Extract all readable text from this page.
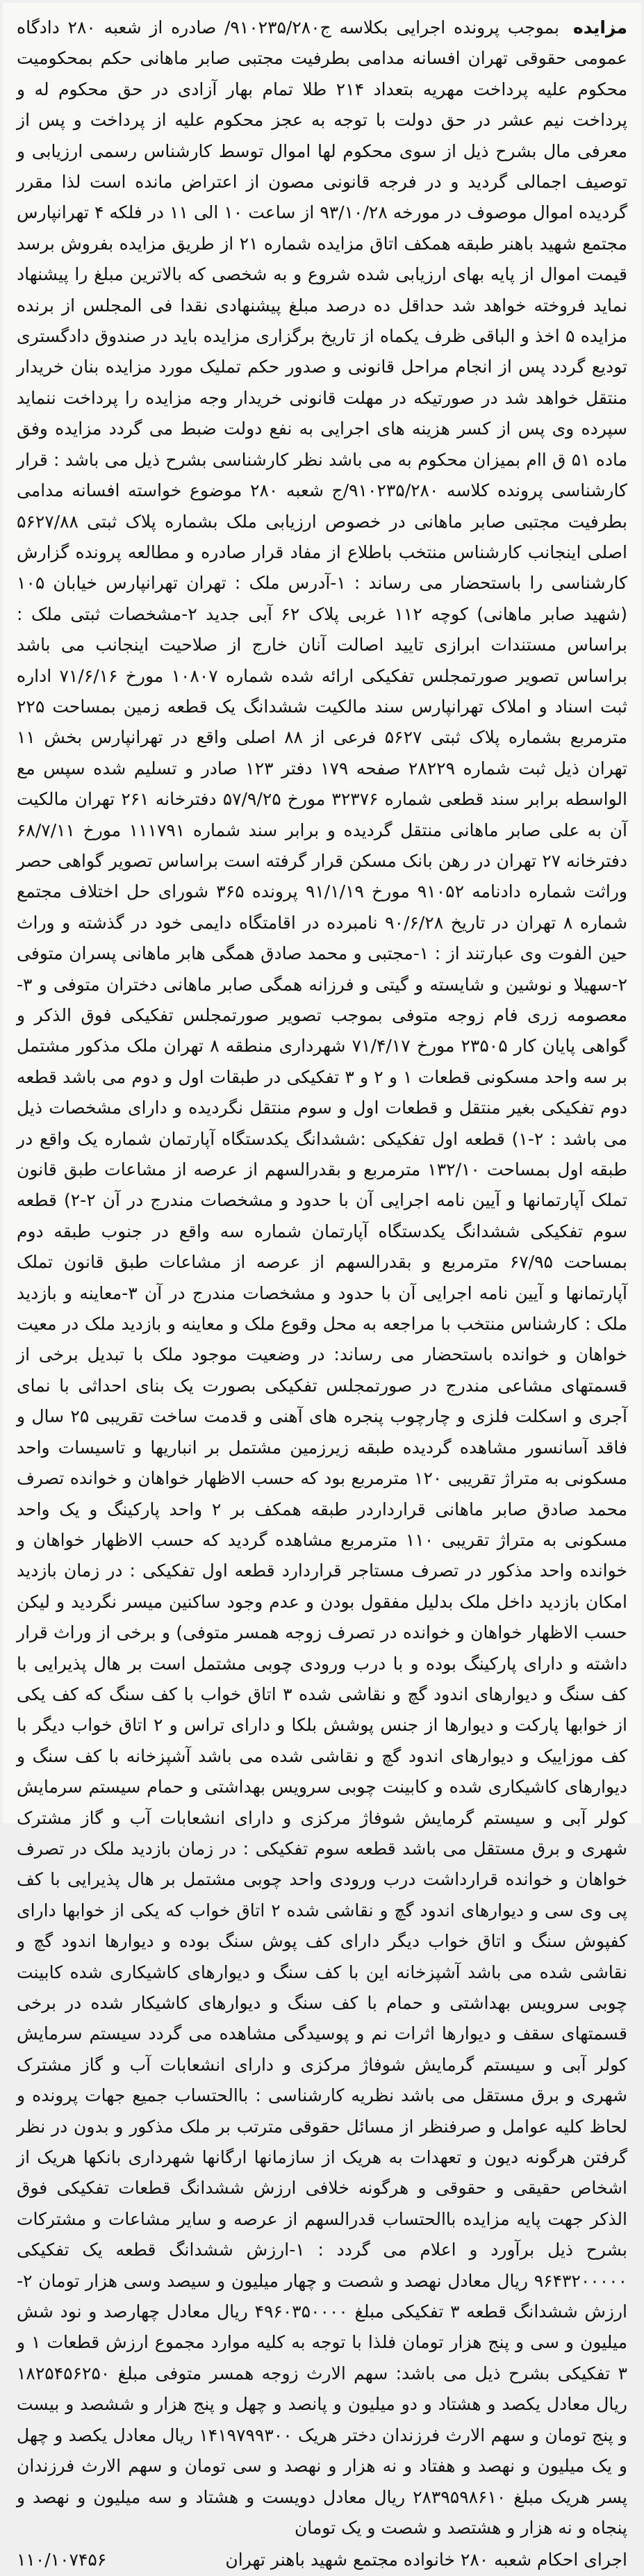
مزایده بموجب پرونده اجرایی بکلاسه ج۹۱۰۲۳۵/۲۸۰/ صادره از شعبه ۲۸۰ دادگاه عمومی حقوقی تهران افسانه مدامی بطرفیت مجتبی صابر ماهانی حکم بمحکومیت محکوم علیه پرداخت مهریه بتعداد ۲۱۴ طلا تمام بهار آزادی در حق محکوم له و پرداخت نیم عشر در حق دولت با توجه به عجز محکوم علیه از پرداخت و پس از معرفی مال بشرح ذیل از سوی محکوم لها اموال توسط کارشناس رسمی ارزیابی و توصیف اجمالی گردید و در فرجه قانونی مصون از اعتراض مانده است لذا مقرر گردیده اموال موصوف در مورخه ۹۳/۱۰/۲۸ از ساعت ۱۰ الی ۱۱ در فلکه ۴ تهرانپارس مجتمع شهید باهنر طبقه همکف اتاق مزایده شماره ۲۱ از طریق مزایده بفروش برسد قیمت اموال از پایه بهای ارزیابی شده شروع و به شخصی که بالاترین مبلغ را پیشنهاد نماید فروخته خواهد شد حداقل ده درصد مبلغ پیشنهادی نقدا فی المجلس از برنده مزایده ۵ اخذ و الباقی ظرف یکماه از تاریخ برگزاری مزایده باید در صندوق دادگستری تودیع گردد پس از انجام مراحل قانونی و صدور حکم تملیک مورد مزایده بنان خریدار منتقل خواهد شد در صورتیکه در مهلت قانونی خریدار وجه مزایده را پرداخت ننماید سپرده وی پس از کسر هزینه های اجرایی به نفع دولت ضبط می گردد مزایده وفق ماده ۵۱ ق اام بمیزان محکوم به می باشد نظر کارشناسی بشرح ذیل می باشد : قرار کارشناسی پرونده کلاسه ۹۱۰۲۳۵/۲۸۰/ج شعبه ۲۸۰ موضوع خواسته افسانه مدامی بطرفیت مجتبی صابر ماهانی در خصوص ارزیابی ملک بشماره پلاک ثبتی ۵۶۲۷/۸۸ اصلی اینجانب کارشناس منتخب باطلاع از مفاد قرار صادره و مطالعه پرونده گزارش کارشناسی را باستحضار می رساند : ۱-آدرس ملک : تهران تهرانپارس خیابان ۱۰۵ (شهید صابر ماهانی) کوچه ۱۱۲ غربی پلاک ۶۲ آبی جدید ۲-مشخصات ثبتی ملک : براساس مستندات ابرازی تایید اصالت آنان خارج از صلاحیت اینجانب می باشد براساس تصویر صورتمجلس تفکیکی ارائه شده شماره ۱۰۸۰۷ مورخ ۷۱/۶/۱۶ اداره ثبت اسناد و املاک تهرانپارس سند مالکیت ششدانگ یک قطعه زمین بمساحت ۲۲۵ مترمربع بشماره پلاک ثبتی ۵۶۲۷ فرعی از ۸۸ اصلی واقع در تهرانپارس بخش ۱۱ تهران ذیل ثبت شماره ۲۸۲۲۹ صفحه ۱۷۹ دفتر ۱۲۳ صادر و تسلیم شده سپس مع الواسطه برابر سند قطعی شماره ۳۲۳۷۶ مورخ ۵۷/۹/۲۵ دفترخانه ۲۶۱ تهران مالکیت آن به علی صابر ماهانی منتقل گردیده و برابر سند شماره ۱۱۱۷۹۱ مورخ ۶۸/۷/۱۱ دفترخانه ۲۷ تهران در رهن بانک مسکن قرار گرفته است براساس تصویر گواهی حصر وراثت شماره دادنامه ۹۱۰۵۲ مورخ ۹۱/۱/۱۹ پرونده ۳۶۵ شورای حل اختلاف مجتمع شماره ۸ تهران در تاریخ ۹۰/۶/۲۸ نامبرده در اقامتگاه دایمی خود در گذشته و وراث حین الفوت وی عبارتند از : ۱-مجتبی و محمد صادق همگی هابر ماهانی پسران متوفی ۲-سهیلا و نوشین و شایسته و گیتی و فرزانه همگی صابر ماهانی دختران متوفی و ۳-معصومه زری فام زوجه متوفی بموجب تصویر صورتمجلس تفکیکی فوق الذکر و گواهی پایان کار ۲۳۵۰۵ مورخ ۷۱/۴/۱۷ شهرداری منطقه ۸ تهران ملک مذکور مشتمل بر سه واحد مسکونی قطعات ۱ و ۲ و ۳ تفکیکی در طبقات اول و دوم می باشد قطعه دوم تفکیکی بغیر منتقل و قطعات اول و سوم منتقل نگردیده و دارای مشخصات ذیل می باشد : ۲-۱) قطعه اول تفکیکی :ششدانگ یکدستگاه آپارتمان شماره یک واقع در طبقه اول بمساحت ۱۳۲/۱۰ مترمربع و بقدرالسهم از عرصه از مشاعات طبق قانون تملک آپارتمانها و آیین نامه اجرایی آن با حدود و مشخصات مندرج در آن ۲-۲) قطعه سوم تفکیکی ششدانگ یکدستگاه آپارتمان شماره سه واقع در جنوب طبقه دوم بمساحت ۶۷/۹۵ مترمربع و بقدرالسهم از عرصه از مشاعات طبق قانون تملک آپارتمانها و آیین نامه اجرایی آن با حدود و مشخصات مندرج در آن ۳-معاینه و بازدید ملک : کارشناس منتخب با مراجعه به محل وقوع ملک و معاینه و بازدید ملک در معیت خواهان و خوانده باستحضار می رساند: در وضعیت موجود ملک با تبدیل برخی از قسمتهای مشاعی مندرج در صورتمجلس تفکیکی بصورت یک بنای احداثی با نمای آجری و اسکلت فلزی و چارچوب پنجره های آهنی و قدمت ساخت تقریبی ۲۵ سال و فاقد آسانسور مشاهده گردیده طبقه زیرزمین مشتمل بر انباریها و تاسیسات واحد مسکونی به متراژ تقریبی ۱۲۰ مترمربع بود که حسب الاظهار خواهان و خوانده تصرف محمد صادق صابر ماهانی قرارداردر طبقه همکف بر ۲ واحد پارکینگ و یک واحد مسکونی به متراژ تقریبی ۱۱۰ مترمربع مشاهده گردید که حسب الاظهار خواهان و خوانده واحد مذکور در تصرف مستاجر قراردارد قطعه اول تفکیکی : در زمان بازدید امکان بازدید داخل ملک بدلیل مفقول بودن و عدم وجود ساکنین میسر نگردید و لیکن حسب الاظهار خواهان و خوانده در تصرف زوجه همسر متوفی) و برخی از وراث قرار داشته و دارای پارکینگ بوده و با درب ورودی چوبی مشتمل است بر هال پذیرایی با کف سنگ و دیوارهای اندود گچ و نقاشی شده ۳ اتاق خواب با کف سنگ که کف یکی از خوابها پارکت و دیوارها از جنس پوشش بلکا و دارای تراس و ۲ اتاق خواب دیگر با کف موزاییک و دیوارهای اندود گچ و نقاشی شده می باشد آشپزخانه با کف سنگ و دیوارهای کاشیکاری شده و کابینت چوبی سرویس بهداشتی و حمام سیستم سرمایش کولر آبی و سیستم گرمایش شوفاژ مرکزی و دارای انشعابات آب و گاز مشترک شهری و برق مستقل می باشد قطعه سوم تفکیکی : در زمان بازدید ملک در تصرف خواهان و خوانده قرارداشت درب ورودی واحد چوبی مشتمل بر هال پذیرایی با کف پی وی سی و دیوارهای اندود گچ و نقاشی شده ۲ اتاق خواب که یکی از خوابها دارای کفپوش سنگ و اتاق خواب دیگر دارای کف پوش سنگ بوده و دیوارها اندود گچ و نقاشی شده می باشد آشپزخانه این با کف سنگ و دیوارهای کاشیکاری شده کابینت چوبی سرویس بهداشتی و حمام با کف سنگ و دیوارهای کاشیکار شده در برخی قسمتهای سقف و دیوارها اثرات نم و پوسیدگی مشاهده می گردد سیستم سرمایش کولر آبی و سیستم گرمایش شوفاژ مرکزی و دارای انشعابات آب و گاز مشترک شهری و برق مستقل می باشد نظریه کارشناسی : باالحتساب جمیع جهات پرونده و لحاظ کلیه عوامل و صرفنظر از مسائل حقوقی مترتب بر ملک مذکور و بدون در نظر گرفتن هرگونه دیون و تعهدات به هریک از سازمانها ارگانها شهرداری بانکها هریک از اشخاص حقیقی و حقوقی و هرگونه خلافی ارزش ششدانگ قطعات تفکیکی فوق الذکر جهت پایه مزایده باالحتساب قدرالسهم از عرصه و سایر مشاعات و مشترکات بشرح ذیل برآورد و اعلام می گردد : ۱-ارزش ششدانگ قطعه یک تفکیکی ۹۶۴۳۲۰۰۰۰۰ ریال معادل نهصد و شصت و چهار میلیون و سیصد وسی هزار تومان ۲-ارزش ششدانگ قطعه ۳ تفکیکی مبلغ ۴۹۶۰۳۵۰۰۰۰ ریال معادل چهارصد و نود شش میلیون و سی و پنج هزار تومان فلذا با توجه به کلیه موارد مجموع ارزش قطعات ۱ و ۳ تفکیکی بشرح ذیل می باشد: سهم الارث زوجه همسر متوفی مبلغ ۱۸۲۵۴۵۶۲۵۰ ریال معادل یکصد و هشتاد و دو میلیون و پانصد و چهل و پنج هزار و ششصد و بیست و پنج تومان و سهم الارث فرزندان دختر هریک ۱۴۱۹۷۹۹۳۰۰ ریال معادل یکصد و چهل و یک میلیون و نهصد و هفتاد و نه هزار و نهصد و سی تومان و سهم الارث فرزندان پسر هریک مبلغ ۲۸۳۹۵۹۸۶۱۰ ریال معادل دویست و هشتاد و سه میلیون و نهصد و پنجاه و نه هزار و هشتصد و شصت و یک تومان
اجرای احکام شعبه ۲۸۰ خانواده مجتمع شهید باهنر تهران
۱۱۰/۱۰۷۴۵۶
